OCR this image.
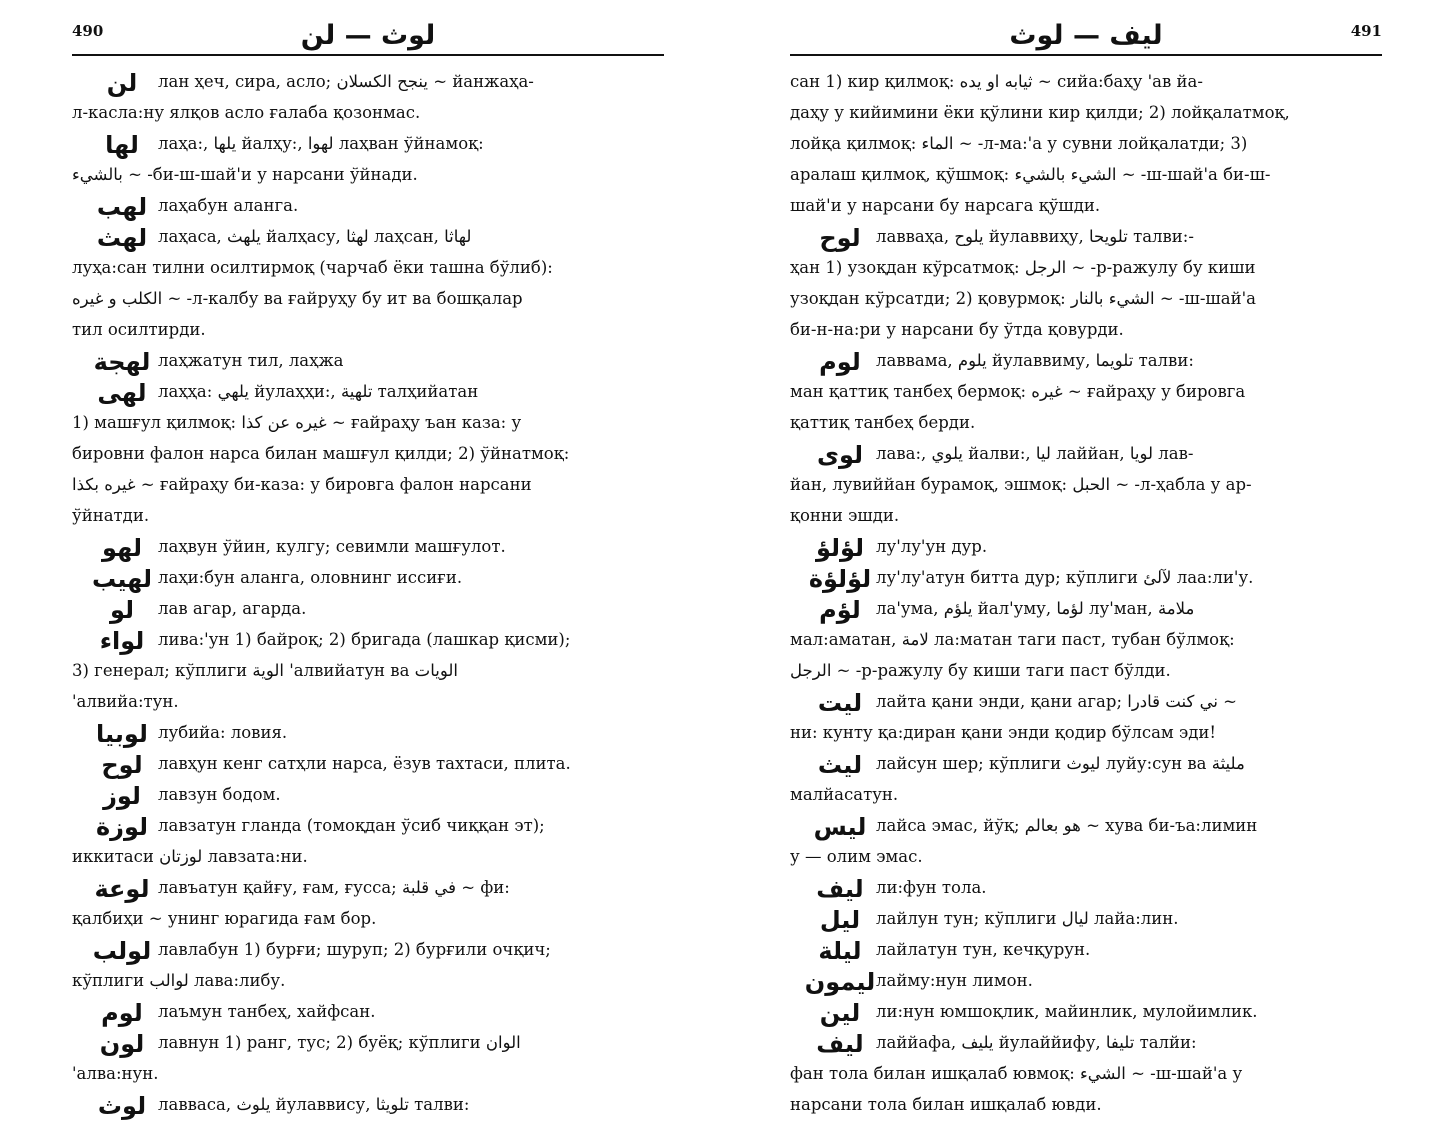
490	لوث — لن
لن	лан ҳеч, сира, асло; ينجح الكسلان ~ йанжаҳа-
л-касла:ну ялқов асло ғалаба қозонмас.
لها	лаҳа:, يلها йалҳу:, لهوا лаҳван ўйнамоқ:
بالشيء ~ -би-ш-шай'и у нарсани ўйнади.
لهب лаҳабун аланга.
لهث лаҳаса, يلهث йалҳасу, لهثا лаҳсан, لهاثا
луҳа:сан тилни осилтирмоқ (чарчаб ёки ташна бўлиб):
الكلب و غيره ~ -л-калбу ва ғайруҳу бу ит ва бошқалар
тил осилтирди.
لهجة лаҳжатун тил, лаҳжа
لهى лаҳҳа: يلهي йулаҳҳи:, تلهية талҳийатан
1) машғул қилмоқ: غيره عن كذا ~ ғайраҳу ъан каза: у
бировни фалон нарса билан машғул қилди; 2) ўйнатмоқ:
غيره بكذا ~ ғайраҳу би-каза: у бировга фалон нарсани
ўйнатди.
لهو лаҳвун ўйин, кулгу; севимли машғулот.
لهيب лаҳи:бун аланга, оловнинг иссиғи.
لو	лав агар, агарда.
لواء лива:'ун 1) байроқ; 2) бригада (лашкар қисми);
3) генерал; кўплиги الوية 'алвийатун ва الويات
'алвийа:тун.
لوبيا лубийа: ловия.
لوح лавҳун кенг сатҳли нарса, ёзув тахтаси, плита.
لوز	лавзун бодом.
لوزة лавзатун гланда (томоқдан ўсиб чиққан эт);
иккитаси لوزتان лавзата:ни.
لوعة лавъатун қайғу, ғам, ғусса; في قلبة ~ фи:
қалбиҳи ~ унинг юрагида ғам бор.
لولب лавлабун 1) бурғи; шуруп; 2) бурғили очқич;
кўплиги لوالب лава:либу.
لوم лаъмун танбеҳ, хайфсан.
لون лавнун 1) ранг, тус; 2) буёқ; кўплиги الوان
'алва:нун.
لوث лавваса, يلوث йулаввису, تلويثا талви:
491
ليف — لوث
сан 1) кир қилмоқ: ثيابه او يده ~ сийа:баҳу 'ав йа-
даҳу у кийимини ёки қўлини кир қилди; 2) лойқалатмоқ,
лойқа қилмоқ: الماء ~ -л-ма:'а у сувни лойқалатди; 3)
аралаш қилмоқ, қўшмоқ: الشيء بالشيء ~ -ш-шай'а би-ш-
шай'и у нарсани бу нарсага қўшди.
لوح лавваҳа, يلوح йулаввиҳу, تلويحا талви:-
ҳан 1) узоқдан кўрсатмоқ: الرجل ~ -р-ражулу бу киши
узоқдан кўрсатди; 2) қовурмоқ: الشيء بالنار ~ -ш-шай'а
би-н-на:ри у нарсани бу ўтда қовурди.
لوم лаввама, يلوم йулаввиму, تلويما талви:
ман қаттиқ танбеҳ бермоқ: غيره ~ ғайраҳу у бировга
қаттиқ танбеҳ берди.
لوى лава:, يلوي йалви:, ليا лаййан, لويا лав-
йан, лувиййан бурамоқ, эшмоқ: الحبل ~ -л-ҳабла у ар-
қонни эшди.
لؤلؤ лу'лу'ун дур.
لؤلؤة лу'лу'атун битта дур; кўплиги لآلئ лаа:ли'у.
لؤم ла'ума, يلؤم йал'уму, لؤما лу'ман, ملامة
мал:аматан, لامة ла:матан таги паст, тубан бўлмоқ:
الرجل ~ -р-ражулу бу киши таги паст бўлди.
ليت лайта қани энди, қани агар; ني كنت قادرا ~
ни: кунту қа:диран қани энди қодир бўлсам эди!
ليث лайсун шер; кўплиги ليوث луйу:сун ва مليثة
малйасатун.
ليس лайса эмас, йўқ; هو بعالم ~ хува би-ъа:лимин
у — олим эмас.
ليف ли:фун тола.
ليل лайлун тун; кўплиги ليال лайа:лин.
ليلة лайлатун тун, кечқурун.
ليمون лайму:нун лимон.
لين ли:нун юмшоқлик, майинлик, мулойимлик.
ليف лаййафа, يليف йулаййифу, تليفا талйи:
фан тола билан ишқалаб ювмоқ: الشيء ~ -ш-шай'а у
нарсани тола билан ишқалаб ювди.
